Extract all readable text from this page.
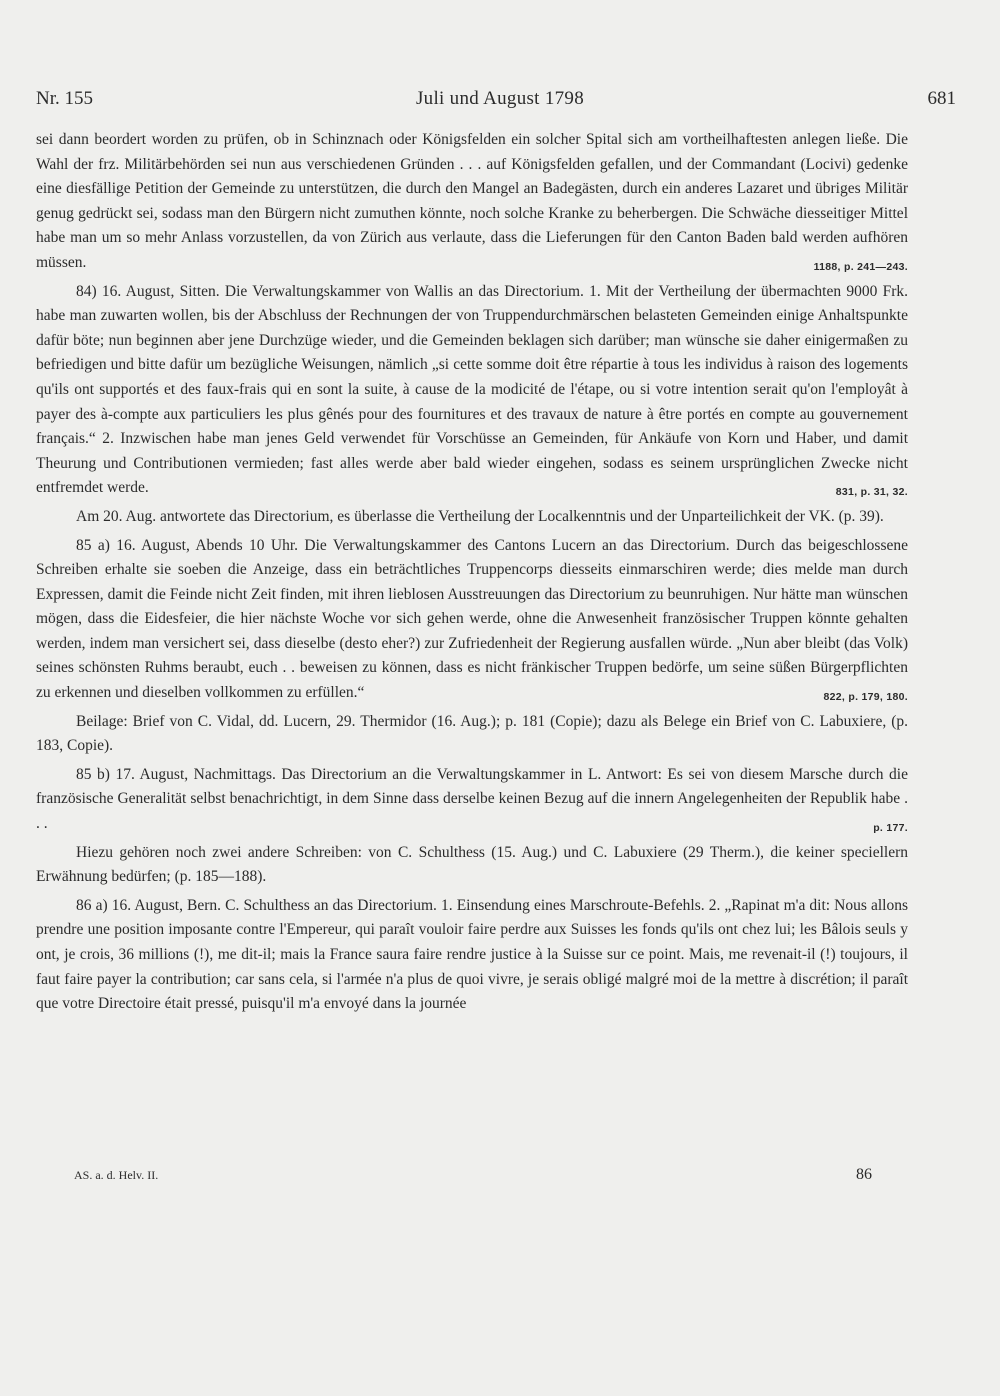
Nr. 155	Juli und August 1798	681

sei dann beordert worden zu prüfen, ob in Schinznach oder Königsfelden ein solcher Spital sich am vortheilhaftesten anlegen ließe. Die Wahl der frz. Militärbehörden sei nun aus verschiedenen Gründen . . . auf Königsfelden gefallen, und der Commandant (Locivi) gedenke eine diesfällige Petition der Gemeinde zu unterstützen, die durch den Mangel an Badegästen, durch ein anderes Lazaret und übriges Militär genug gedrückt sei, sodass man den Bürgern nicht zumuthen könnte, noch solche Kranke zu beherbergen. Die Schwäche diesseitiger Mittel habe man um so mehr Anlass vorzustellen, da von Zürich aus verlaute, dass die Lieferungen für den Canton Baden bald werden aufhören müssen.	1188, p. 241—243.

84) 16. August, Sitten. Die Verwaltungskammer von Wallis an das Directorium. 1. Mit der Vertheilung der übermachten 9000 Frk. habe man zuwarten wollen, bis der Abschluss der Rechnungen der von Truppendurchmärschen belasteten Gemeinden einige Anhaltspunkte dafür böte; nun beginnen aber jene Durchzüge wieder, und die Gemeinden beklagen sich darüber; man wünsche sie daher einigermaßen zu befriedigen und bitte dafür um bezügliche Weisungen, nämlich „si cette somme doit être répartie à tous les individus à raison des logements qu'ils ont supportés et des faux-frais qui en sont la suite, à cause de la modicité de l'étape, ou si votre intention serait qu'on l'employât à payer des à-compte aux particuliers les plus gênés pour des fournitures et des travaux de nature à être portés en compte au gouvernement français.“ 2. Inzwischen habe man jenes Geld verwendet für Vorschüsse an Gemeinden, für Ankäufe von Korn und Haber, und damit Theurung und Contributionen vermieden; fast alles werde aber bald wieder eingehen, sodass es seinem ursprünglichen Zwecke nicht entfremdet werde.	831, p. 31, 32.

Am 20. Aug. antwortete das Directorium, es überlasse die Vertheilung der Localkenntnis und der Unparteilichkeit der VK. (p. 39).

85 a) 16. August, Abends 10 Uhr. Die Verwaltungskammer des Cantons Lucern an das Directorium. Durch das beigeschlossene Schreiben erhalte sie soeben die Anzeige, dass ein beträchtliches Truppencorps diesseits einmarschiren werde; dies melde man durch Expressen, damit die Feinde nicht Zeit finden, mit ihren lieblosen Ausstreuungen das Directorium zu beunruhigen. Nur hätte man wünschen mögen, dass die Eidesfeier, die hier nächste Woche vor sich gehen werde, ohne die Anwesenheit französischer Truppen könnte gehalten werden, indem man versichert sei, dass dieselbe (desto eher?) zur Zufriedenheit der Regierung ausfallen würde. „Nun aber bleibt (das Volk) seines schönsten Ruhms beraubt, euch . . beweisen zu können, dass es nicht fränkischer Truppen bedörfe, um seine süßen Bürgerpflichten zu erkennen und dieselben vollkommen zu erfüllen.“	822, p. 179, 180.

Beilage: Brief von C. Vidal, dd. Lucern, 29. Thermidor (16. Aug.); p. 181 (Copie); dazu als Belege ein Brief von C. Labuxiere, (p. 183, Copie).

85 b) 17. August, Nachmittags. Das Directorium an die Verwaltungskammer in L. Antwort: Es sei von diesem Marsche durch die französische Generalität selbst benachrichtigt, in dem Sinne dass derselbe keinen Bezug auf die innern Angelegenheiten der Republik habe . . .	p. 177.

Hiezu gehören noch zwei andere Schreiben: von C. Schulthess (15. Aug.) und C. Labuxiere (29 Therm.), die keiner speciellern Erwähnung bedürfen; (p. 185—188).

86 a) 16. August, Bern. C. Schulthess an das Directorium. 1. Einsendung eines Marschroute-Befehls. 2. „Rapinat m'a dit: Nous allons prendre une position imposante contre l'Empereur, qui paraît vouloir faire perdre aux Suisses les fonds qu'ils ont chez lui; les Bâlois seuls y ont, je crois, 36 millions (!), me dit-il; mais la France saura faire rendre justice à la Suisse sur ce point. Mais, me revenait-il (!) toujours, il faut faire payer la contribution; car sans cela, si l'armée n'a plus de quoi vivre, je serais obligé malgré moi de la mettre à discrétion; il paraît que votre Directoire était pressé, puisqu'il m'a envoyé dans la journée

AS. a. d. Helv. II.	86
